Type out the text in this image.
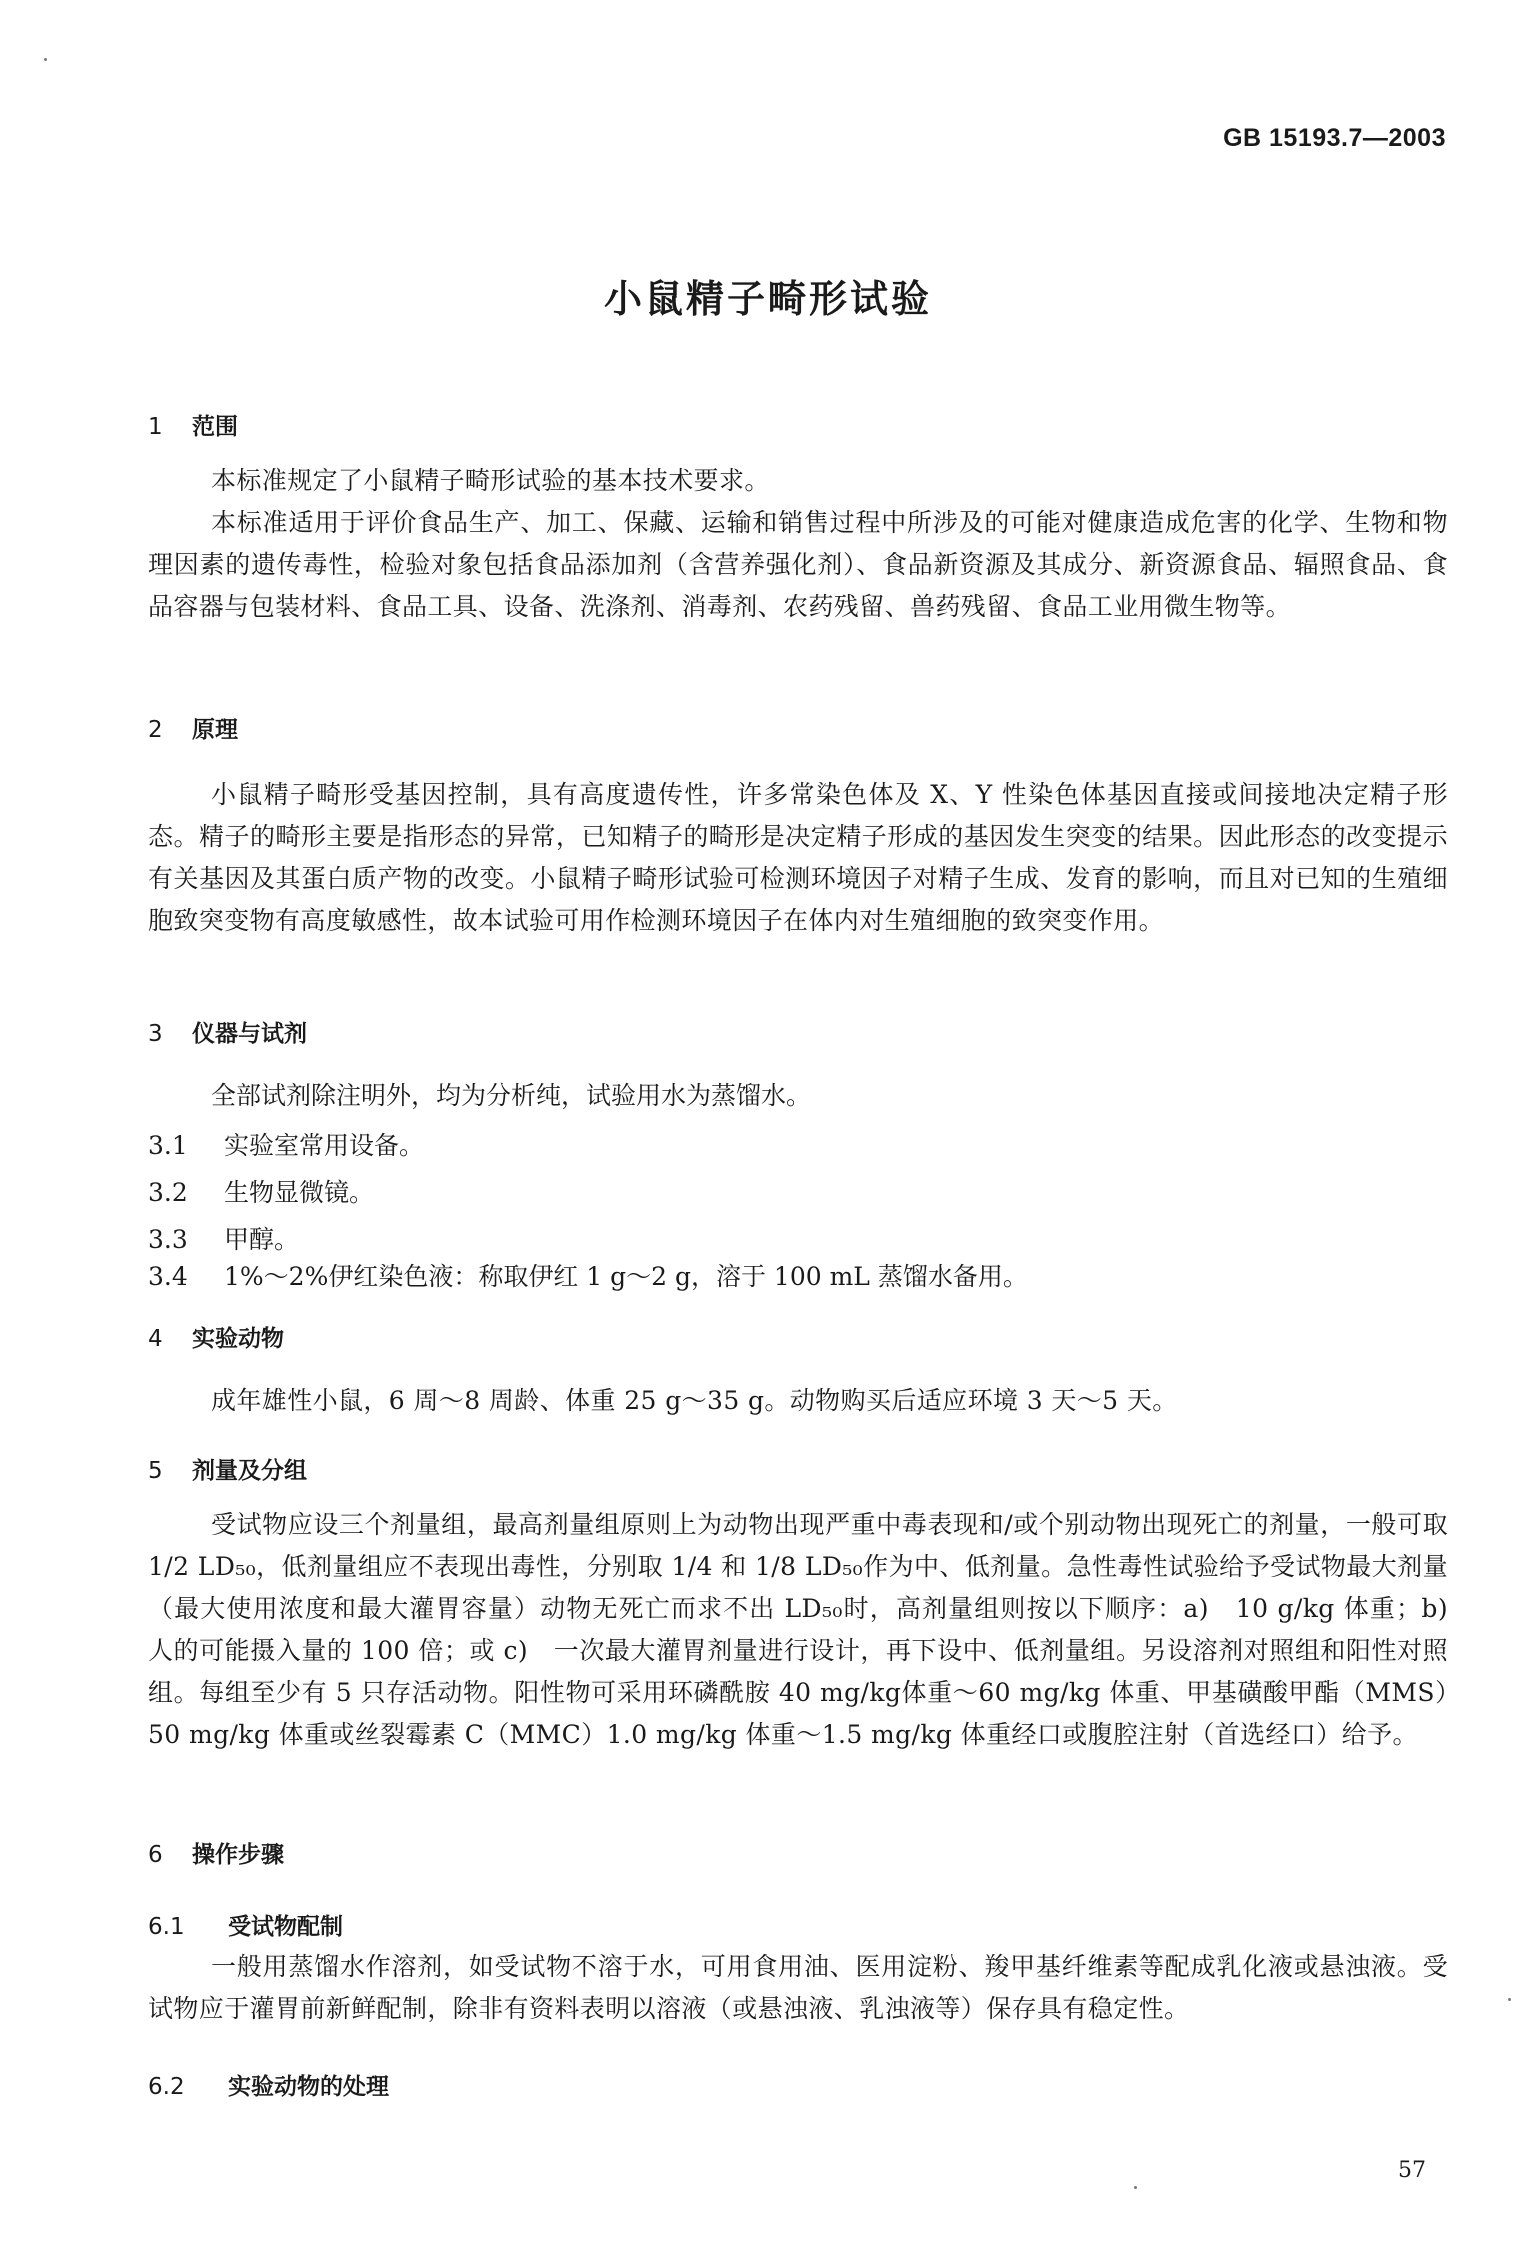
GB 15193.7—2003
小鼠精子畸形试验
1 范围
本标准规定了小鼠精子畸形试验的基本技术要求。
本标准适用于评价食品生产、加工、保藏、运输和销售过程中所涉及的可能对健康造成危害的化学、生物和物理因素的遗传毒性，检验对象包括食品添加剂（含营养强化剂）、食品新资源及其成分、新资源食品、辐照食品、食品容器与包装材料、食品工具、设备、洗涤剂、消毒剂、农药残留、兽药残留、食品工业用微生物等。
2 原理
小鼠精子畸形受基因控制，具有高度遗传性，许多常染色体及 X、Y 性染色体基因直接或间接地决定精子形态。精子的畸形主要是指形态的异常，已知精子的畸形是决定精子形成的基因发生突变的结果。因此形态的改变提示有关基因及其蛋白质产物的改变。小鼠精子畸形试验可检测环境因子对精子生成、发育的影响，而且对已知的生殖细胞致突变物有高度敏感性，故本试验可用作检测环境因子在体内对生殖细胞的致突变作用。
3 仪器与试剂
全部试剂除注明外，均为分析纯，试验用水为蒸馏水。
3.1 实验室常用设备。
3.2 生物显微镜。
3.3 甲醇。
3.4 1%～2%伊红染色液：称取伊红 1 g～2 g，溶于 100 mL 蒸馏水备用。
4 实验动物
成年雄性小鼠，6 周～8 周龄、体重 25 g～35 g。动物购买后适应环境 3 天～5 天。
5 剂量及分组
受试物应设三个剂量组，最高剂量组原则上为动物出现严重中毒表现和/或个别动物出现死亡的剂量，一般可取 1/2 LD₅₀，低剂量组应不表现出毒性，分别取 1/4 和 1/8 LD₅₀作为中、低剂量。急性毒性试验给予受试物最大剂量（最大使用浓度和最大灌胃容量）动物无死亡而求不出 LD₅₀时，高剂量组则按以下顺序：a)　10 g/kg 体重；b)　人的可能摄入量的 100 倍；或 c)　一次最大灌胃剂量进行设计，再下设中、低剂量组。另设溶剂对照组和阳性对照组。每组至少有 5 只存活动物。阳性物可采用环磷酰胺 40 mg/kg体重～60 mg/kg 体重、甲基磺酸甲酯（MMS）50 mg/kg 体重或丝裂霉素 C（MMC）1.0 mg/kg 体重～1.5 mg/kg 体重经口或腹腔注射（首选经口）给予。
6 操作步骤
6.1 受试物配制
一般用蒸馏水作溶剂，如受试物不溶于水，可用食用油、医用淀粉、羧甲基纤维素等配成乳化液或悬浊液。受试物应于灌胃前新鲜配制，除非有资料表明以溶液（或悬浊液、乳浊液等）保存具有稳定性。
6.2 实验动物的处理
57
